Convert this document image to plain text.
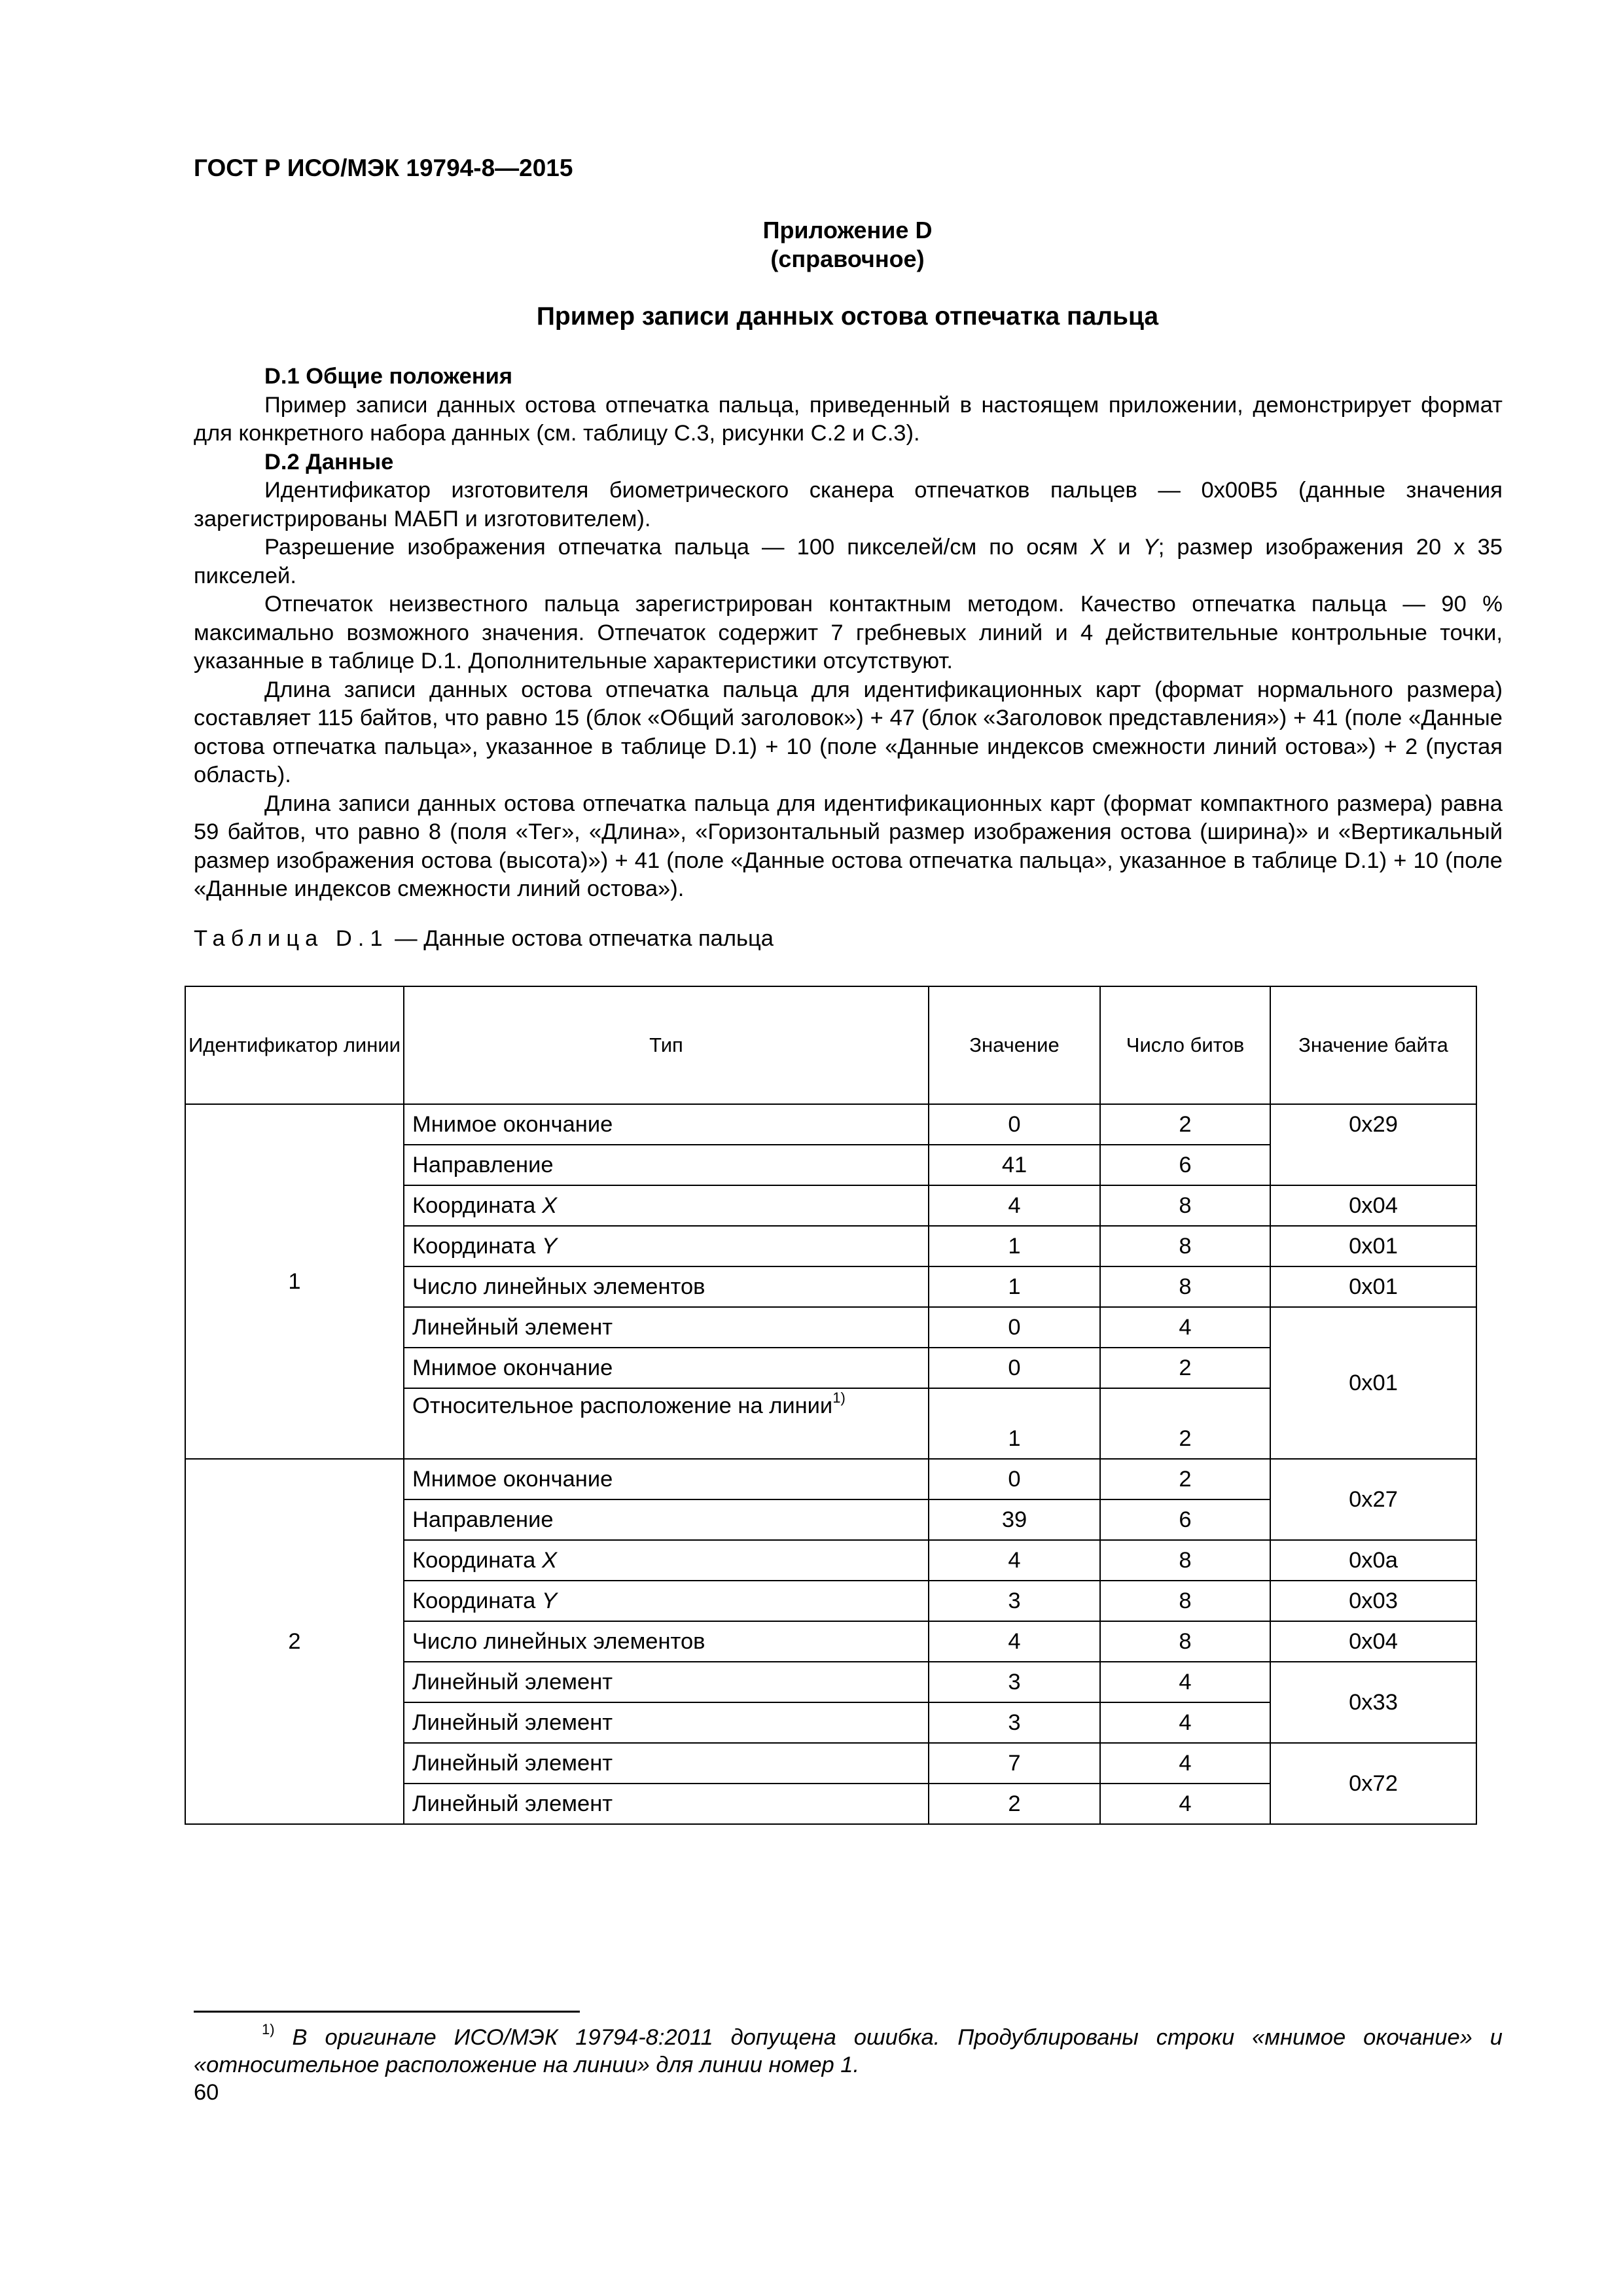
ГОСТ Р ИСО/МЭК 19794-8—2015
Приложение D
(справочное)
Пример записи данных остова отпечатка пальца

D.1 Общие положения

Пример записи данных остова отпечатка пальца, приведенный в настоящем приложении, демонстрирует формат для конкретного набора данных (см. таблицу С.3, рисунки С.2 и С.3).

D.2 Данные

Идентификатор изготовителя биометрического сканера отпечатков пальцев — 0x00B5 (данные значения зарегистрированы МАБП и изготовителем).

Разрешение изображения отпечатка пальца — 100 пикселей/см по осям X и Y; размер изображения 20 x 35 пикселей.

Отпечаток неизвестного пальца зарегистрирован контактным методом. Качество отпечатка пальца — 90 % максимально возможного значения. Отпечаток содержит 7 гребневых линий и 4 действительные контрольные точки, указанные в таблице D.1. Дополнительные характеристики отсутствуют.

Длина записи данных остова отпечатка пальца для идентификационных карт (формат нормального размера) составляет 115 байтов, что равно 15 (блок «Общий заголовок») + 47 (блок «Заголовок представления») + 41 (поле «Данные остова отпечатка пальца», указанное в таблице D.1) + 10 (поле «Данные индексов смежности линий остова») + 2 (пустая область).

Длина записи данных остова отпечатка пальца для идентификационных карт (формат компактного размера) равна 59 байтов, что равно 8 (поля «Тег», «Длина», «Горизонтальный размер изображения остова (ширина)» и «Вертикальный размер изображения остова (высота)») + 41 (поле «Данные остова отпечатка пальца», указанное в таблице D.1) + 10 (поле «Данные индексов смежности линий остова»).

Таблица D.1 — Данные остова отпечатка пальца
Идентификатор линии	Тип	Значение	Число битов	Значение байта
1	Мнимое окончание	0	2	0x29
	Направление	41	6	
	Координата X	4	8	0x04
	Координата Y	1	8	0x01
	Число линейных элементов	1	8	0x01
	Линейный элемент	0	4	0x01
	Мнимое окончание	0	2	
	Относительное расположение на линии$^{1)}$	1	2	
2	Мнимое окончание	0	2	0x27
	Направление	39	6	
	Координата X	4	8	0x0a
	Координата Y	3	8	0x03
	Число линейных элементов	4	8	0x04
	Линейный элемент	3	4	0x33
	Линейный элемент	3	4	
	Линейный элемент	7	4	0x72
	Линейный элемент	2	4	
$^{1)}$ В оригинале ИСО/МЭК 19794-8:2011 допущена ошибка. Продублированы строки «мнимое окочание» и «относительное расположение на линии» для линии номер 1.
60
